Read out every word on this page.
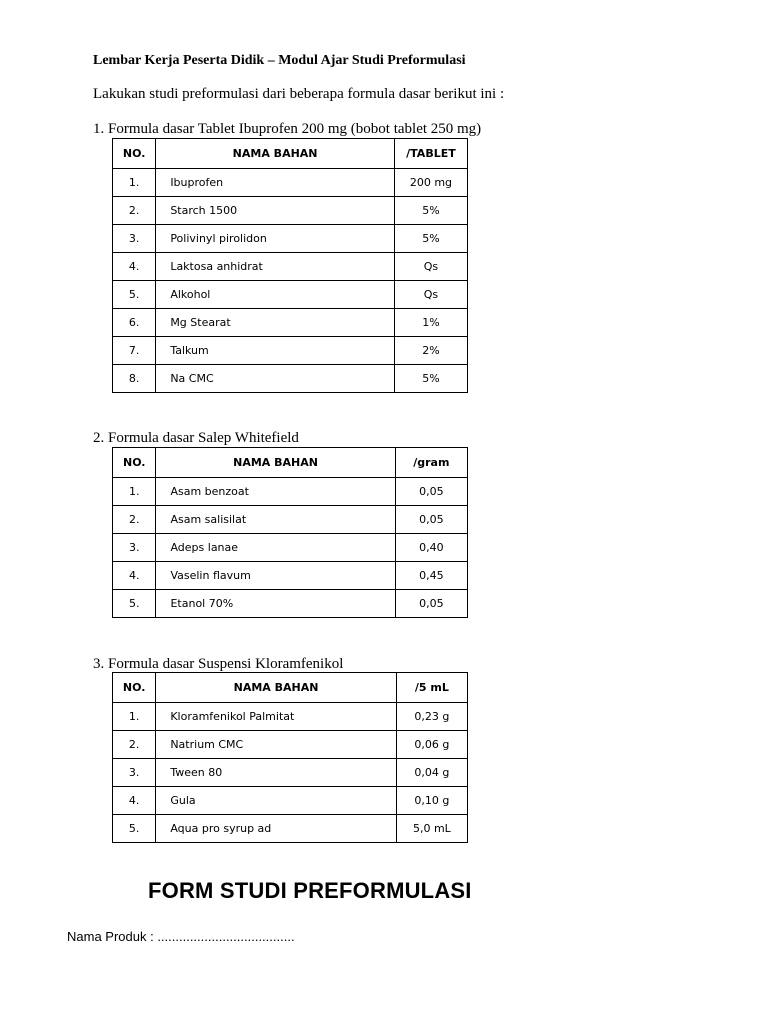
Lembar Kerja Peserta Didik – Modul Ajar Studi Preformulasi
Lakukan studi preformulasi dari beberapa formula dasar berikut ini :
1. Formula dasar Tablet Ibuprofen 200 mg (bobot tablet 250 mg)
NO.	NAMA BAHAN	/TABLET
1.	Ibuprofen	200 mg
2.	Starch 1500	5%
3.	Polivinyl pirolidon	5%
4.	Laktosa anhidrat	Qs
5.	Alkohol	Qs
6.	Mg Stearat	1%
7.	Talkum	2%
8.	Na CMC	5%
2. Formula dasar Salep Whitefield
NO.	NAMA BAHAN	/gram
1.	Asam benzoat	0,05
2.	Asam salisilat	0,05
3.	Adeps lanae	0,40
4.	Vaselin flavum	0,45
5.	Etanol 70%	0,05
3. Formula dasar Suspensi Kloramfenikol
NO.	NAMA BAHAN	/5 mL
1.	Kloramfenikol Palmitat	0,23 g
2.	Natrium CMC	0,06 g
3.	Tween 80	0,04 g
4.	Gula	0,10 g
5.	Aqua pro syrup ad	5,0 mL
FORM STUDI PREFORMULASI
Nama Produk : ......................................
